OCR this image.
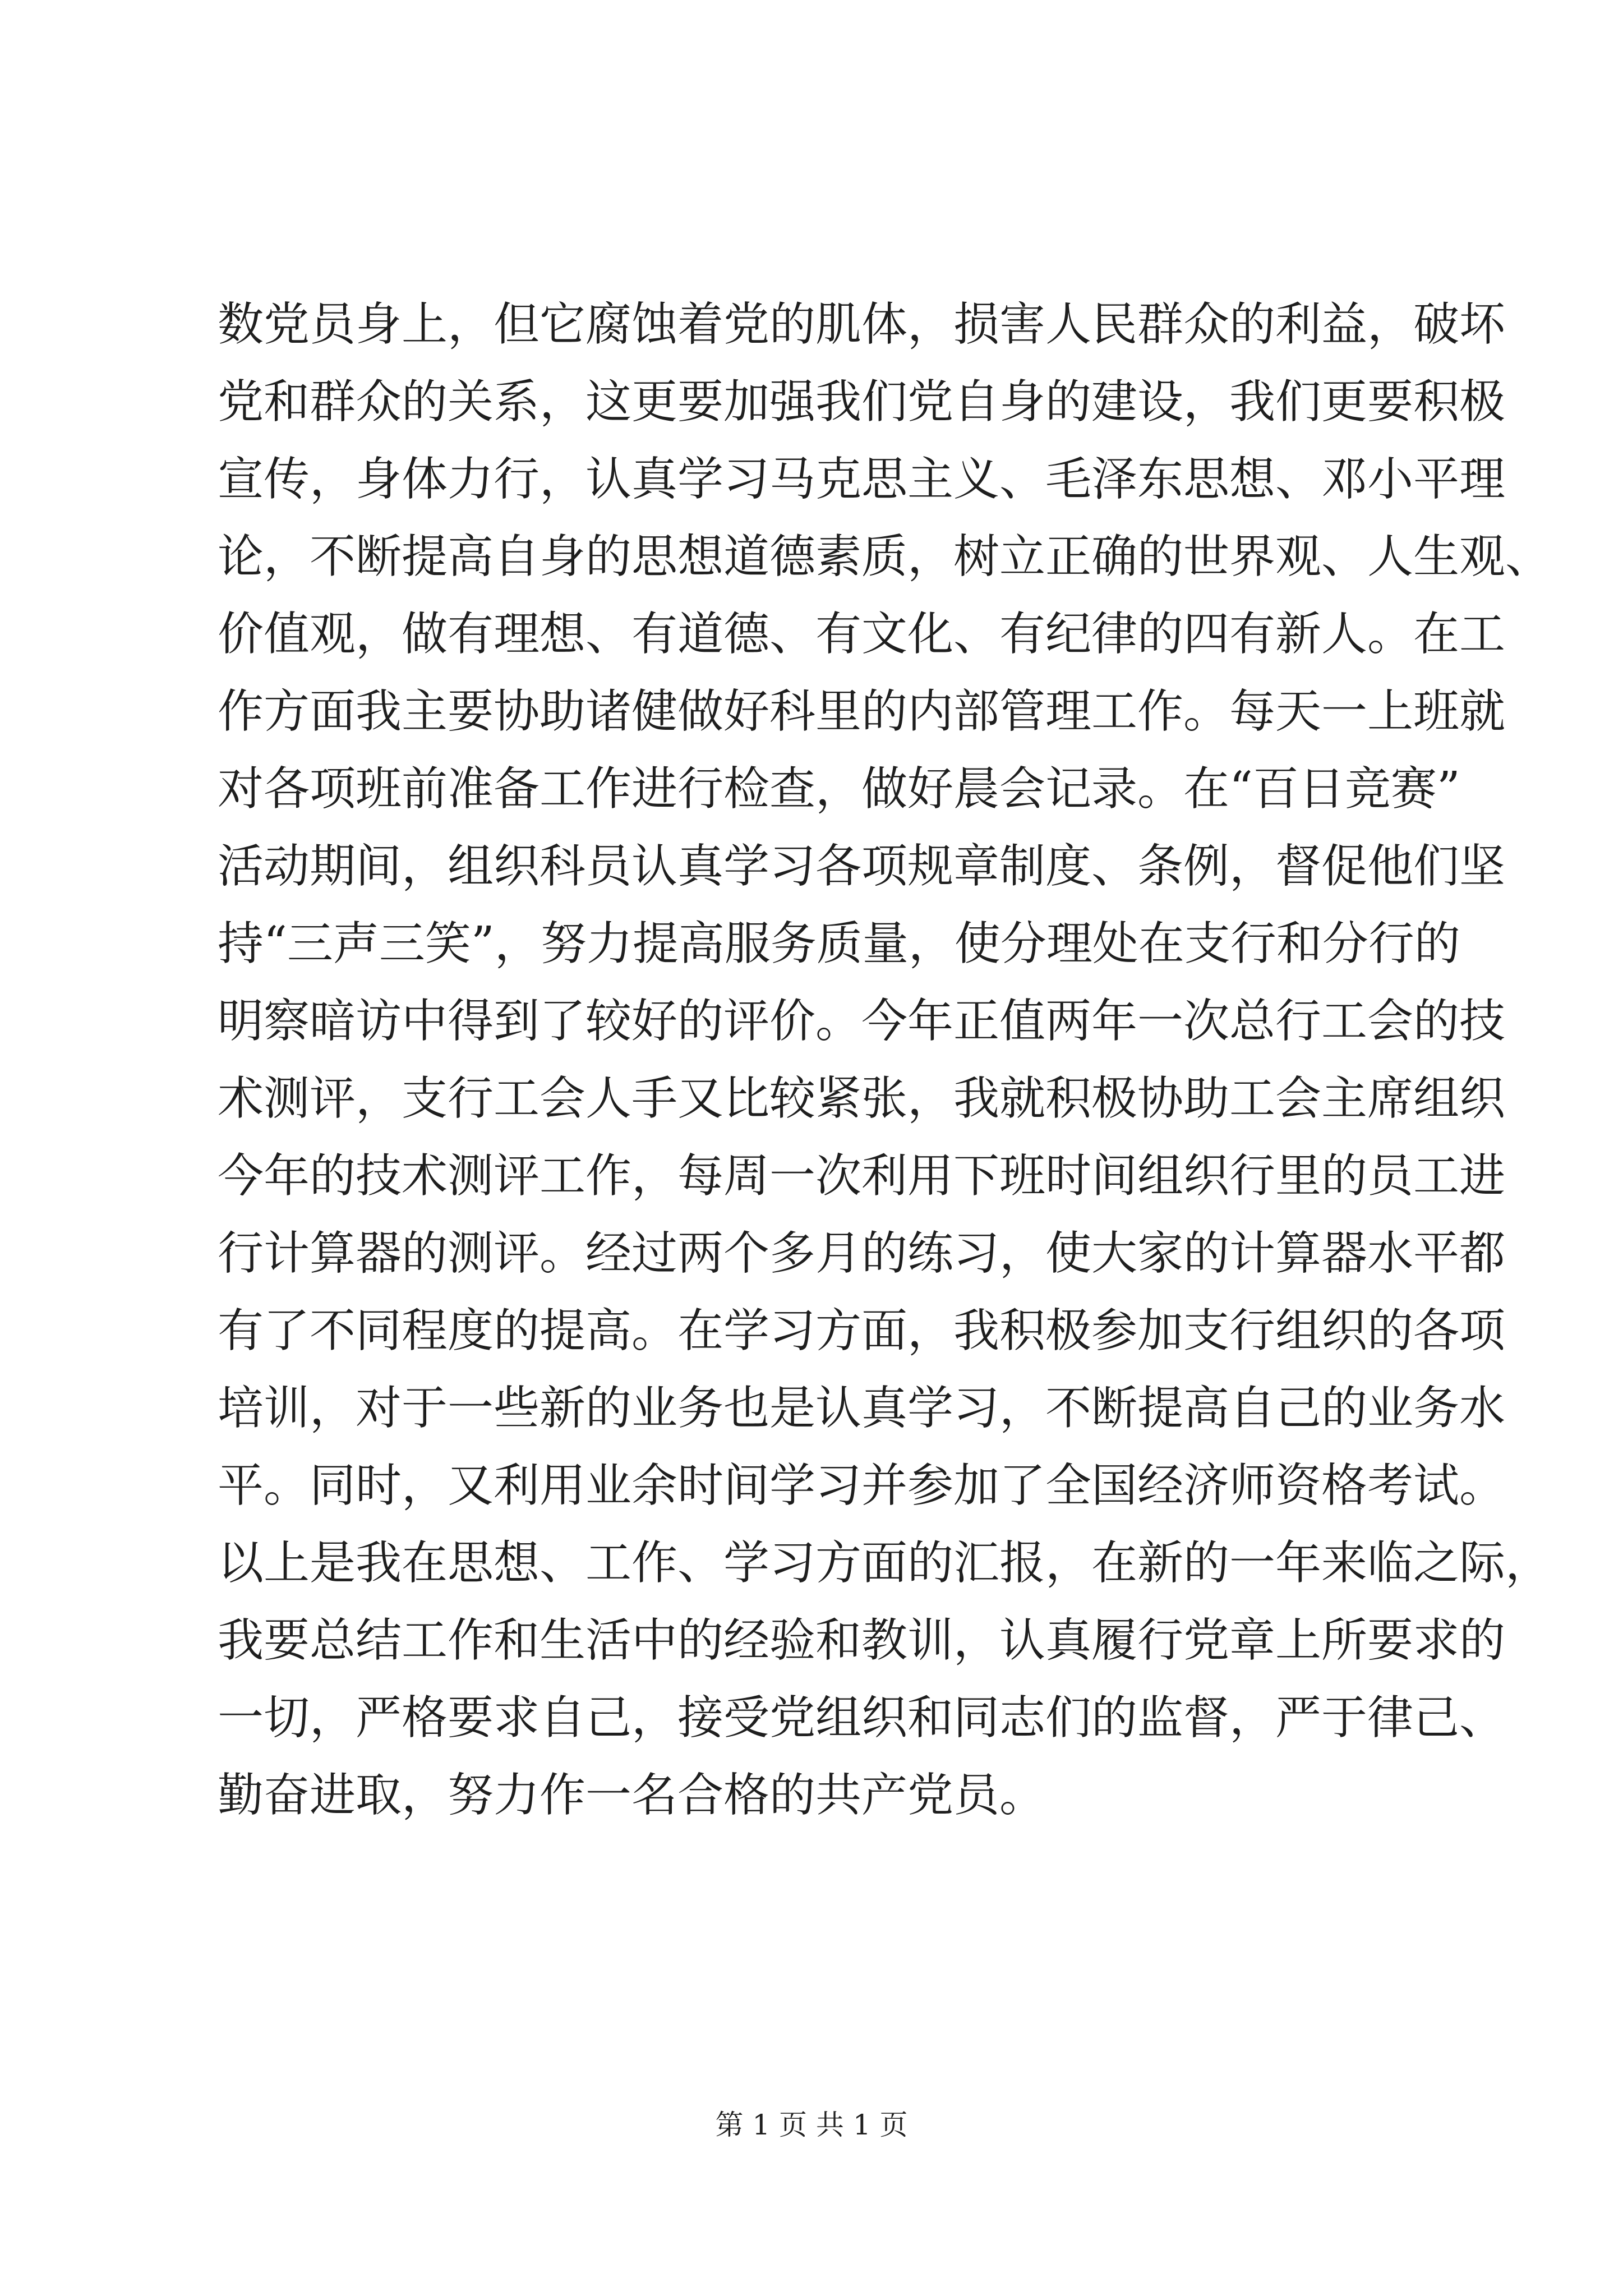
数党员身上，但它腐蚀着党的肌体，损害人民群众的利益，破坏
党和群众的关系，这更要加强我们党自身的建设，我们更要积极
宣传，身体力行，认真学习马克思主义、毛泽东思想、邓小平理
论，不断提高自身的思想道德素质，树立正确的世界观、人生观、
价值观，做有理想、有道德、有文化、有纪律的四有新人。在工
作方面我主要协助诸健做好科里的内部管理工作。每天一上班就
对各项班前准备工作进行检查，做好晨会记录。在“百日竞赛”
活动期间，组织科员认真学习各项规章制度、条例，督促他们坚
持“三声三笑”，努力提高服务质量，使分理处在支行和分行的
明察暗访中得到了较好的评价。今年正值两年一次总行工会的技
术测评，支行工会人手又比较紧张，我就积极协助工会主席组织
今年的技术测评工作，每周一次利用下班时间组织行里的员工进
行计算器的测评。经过两个多月的练习，使大家的计算器水平都
有了不同程度的提高。在学习方面，我积极参加支行组织的各项
培训，对于一些新的业务也是认真学习，不断提高自己的业务水
平。同时，又利用业余时间学习并参加了全国经济师资格考试。
以上是我在思想、工作、学习方面的汇报，在新的一年来临之际，
我要总结工作和生活中的经验和教训，认真履行党章上所要求的
一切，严格要求自己，接受党组织和同志们的监督，严于律己、
勤奋进取，努力作一名合格的共产党员。
第 1 页 共 1 页
